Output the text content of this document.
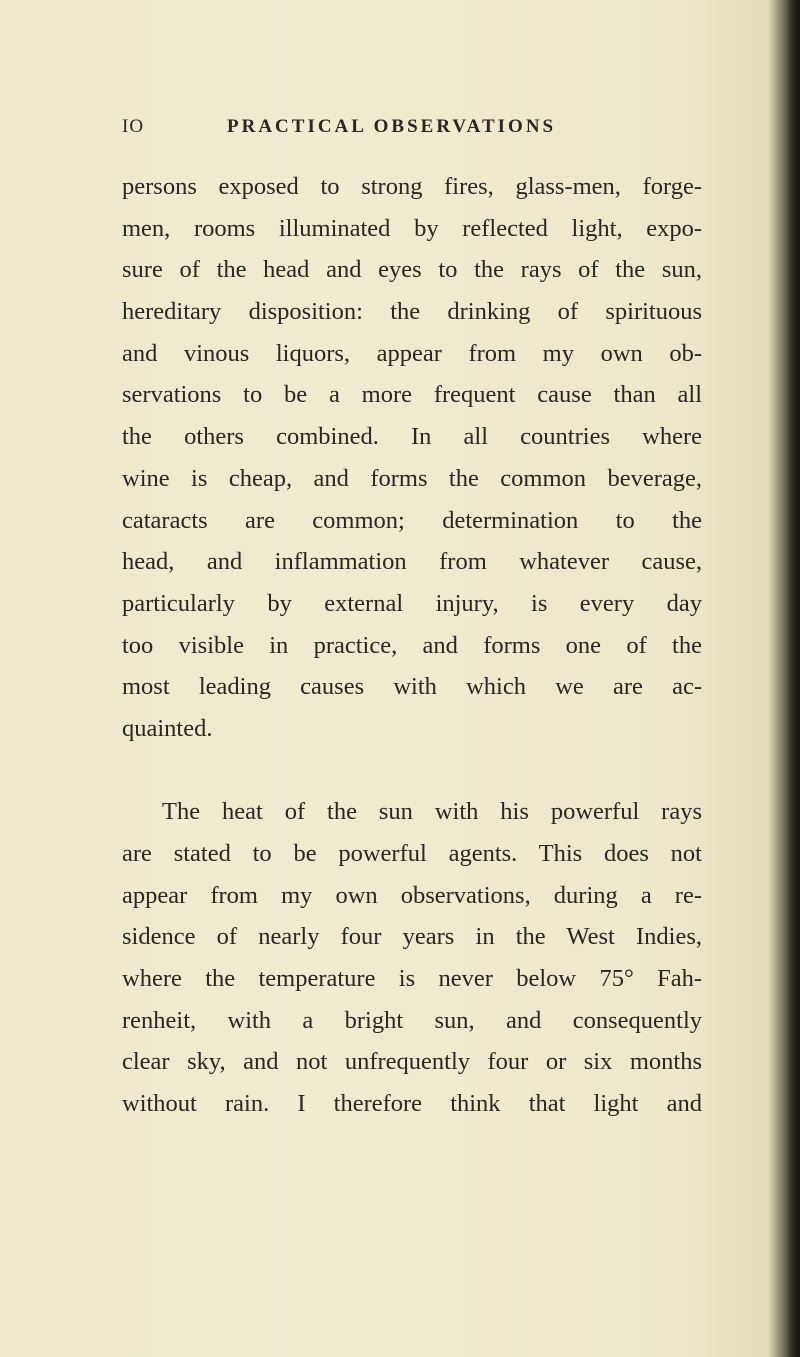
IO	PRACTICAL OBSERVATIONS
persons exposed to strong fires, glass-men, forge-
men, rooms illuminated by reflected light, expo-
sure of the head and eyes to the rays of the sun,
hereditary disposition: the drinking of spirituous
and vinous liquors, appear from my own ob-
servations to be a more frequent cause than all
the others combined. In all countries where
wine is cheap, and forms the common beverage,
cataracts are common; determination to the
head, and inflammation from whatever cause,
particularly by external injury, is every day
too visible in practice, and forms one of the
most leading causes with which we are ac-
quainted.
The heat of the sun with his powerful rays
are stated to be powerful agents. This does not
appear from my own observations, during a re-
sidence of nearly four years in the West Indies,
where the temperature is never below 75° Fah-
renheit, with a bright sun, and consequently
clear sky, and not unfrequently four or six months
without rain. I therefore think that light and
